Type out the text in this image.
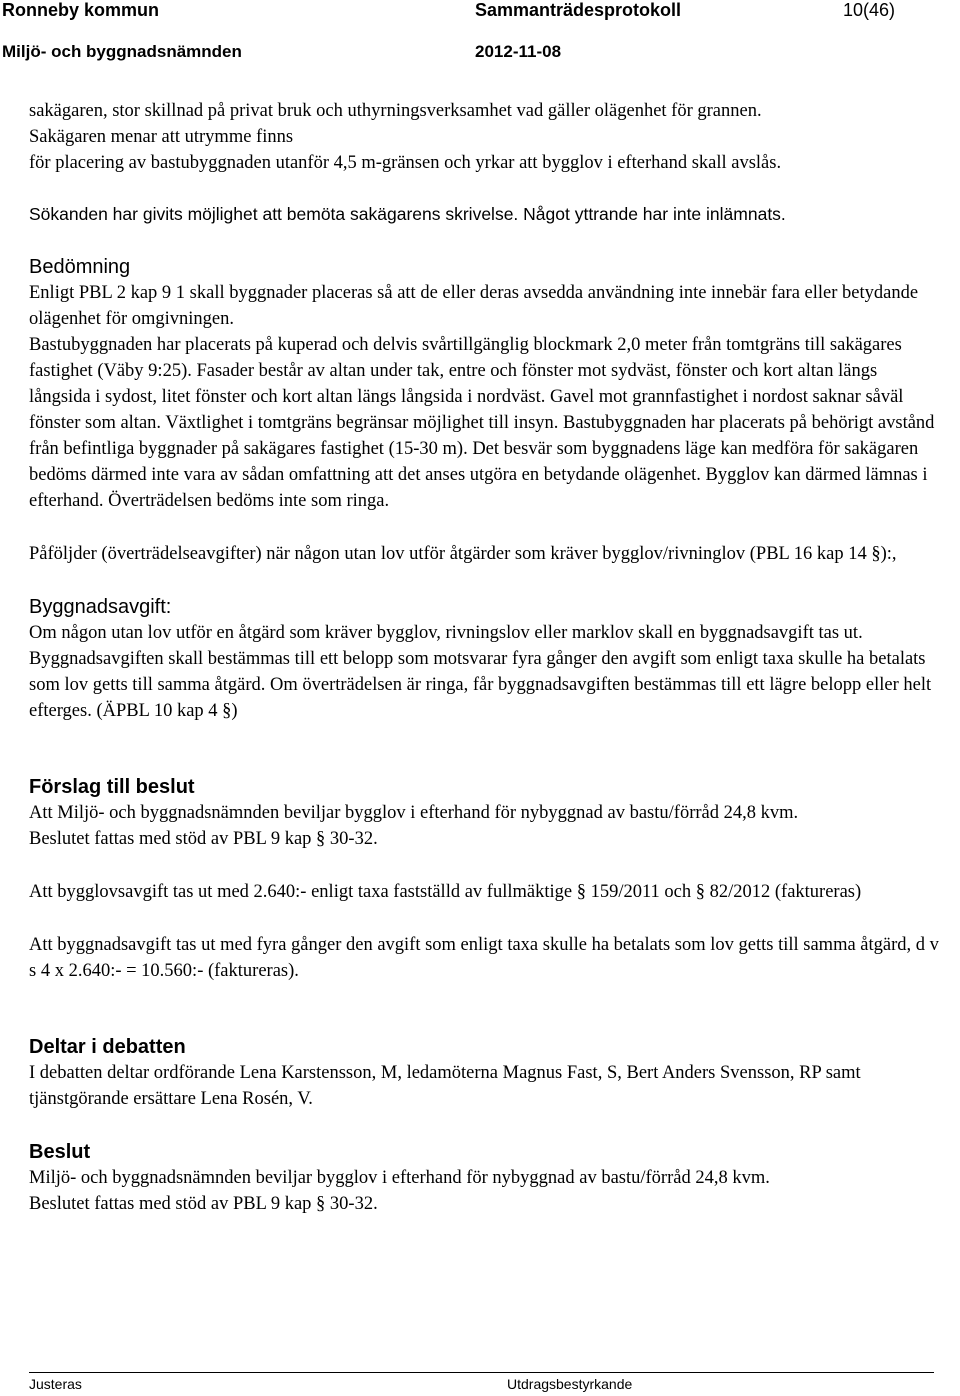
Ronneby kommun	Sammanträdesprotokoll	10(46)
Miljö- och byggnadsnämnden	2012-11-08

sakägaren, stor skillnad på privat bruk och uthyrningsverksamhet vad gäller olägenhet för grannen.

Sakägaren menar att utrymme finns

för placering av bastubyggnaden utanför 4,5 m-gränsen och yrkar att bygglov i efterhand skall avslås.

Sökanden har givits möjlighet att bemöta sakägarens skrivelse. Något yttrande har inte inlämnats.

Bedömning

Enligt PBL 2 kap 9 1 skall byggnader placeras så att de eller deras avsedda användning inte innebär fara eller betydande olägenhet för omgivningen.

Bastubyggnaden har placerats på kuperad och delvis svårtillgänglig blockmark 2,0 meter från tomtgräns till sakägares fastighet (Väby 9:25). Fasader består av altan under tak, entre och fönster mot sydväst, fönster och kort altan längs långsida i sydost, litet fönster och kort altan längs långsida i nordväst. Gavel mot grannfastighet i nordost saknar såväl fönster som altan. Växtlighet i tomtgräns begränsar möjlighet till insyn. Bastubyggnaden har placerats på behörigt avstånd från befintliga byggnader på sakägares fastighet (15-30 m). Det besvär som byggnadens läge kan medföra för sakägaren bedöms därmed inte vara av sådan omfattning att det anses utgöra en betydande olägenhet. Bygglov kan därmed lämnas i efterhand. Överträdelsen bedöms inte som ringa.

Påföljder (överträdelseavgifter) när någon utan lov utför åtgärder som kräver bygglov/rivninglov (PBL 16 kap 14 §):,

Byggnadsavgift:

Om någon utan lov utför en åtgärd som kräver bygglov, rivningslov eller marklov skall en byggnadsavgift tas ut. Byggnadsavgiften skall bestämmas till ett belopp som motsvarar fyra gånger den avgift som enligt taxa skulle ha betalats som lov getts till samma åtgärd. Om överträdelsen är ringa, får byggnadsavgiften bestämmas till ett lägre belopp eller helt efterges. (ÄPBL 10 kap 4 §)

Förslag till beslut

Att Miljö- och byggnadsnämnden beviljar bygglov i efterhand för nybyggnad av bastu/förråd 24,8 kvm.

Beslutet fattas med stöd av PBL 9 kap § 30-32.

Att bygglovsavgift tas ut med 2.640:- enligt taxa fastställd av fullmäktige § 159/2011 och § 82/2012 (faktureras)

Att byggnadsavgift tas ut med fyra gånger den avgift som enligt taxa skulle ha betalats som lov getts till samma åtgärd, d v s 4 x 2.640:- = 10.560:- (faktureras).

Deltar i debatten

I debatten deltar ordförande Lena Karstensson, M, ledamöterna Magnus Fast, S, Bert Anders Svensson, RP samt tjänstgörande ersättare Lena Rosén, V.

Beslut

Miljö- och byggnadsnämnden beviljar bygglov i efterhand för nybyggnad av bastu/förråd 24,8 kvm.

Beslutet fattas med stöd av PBL 9 kap § 30-32.

Justeras	Utdragsbestyrkande
